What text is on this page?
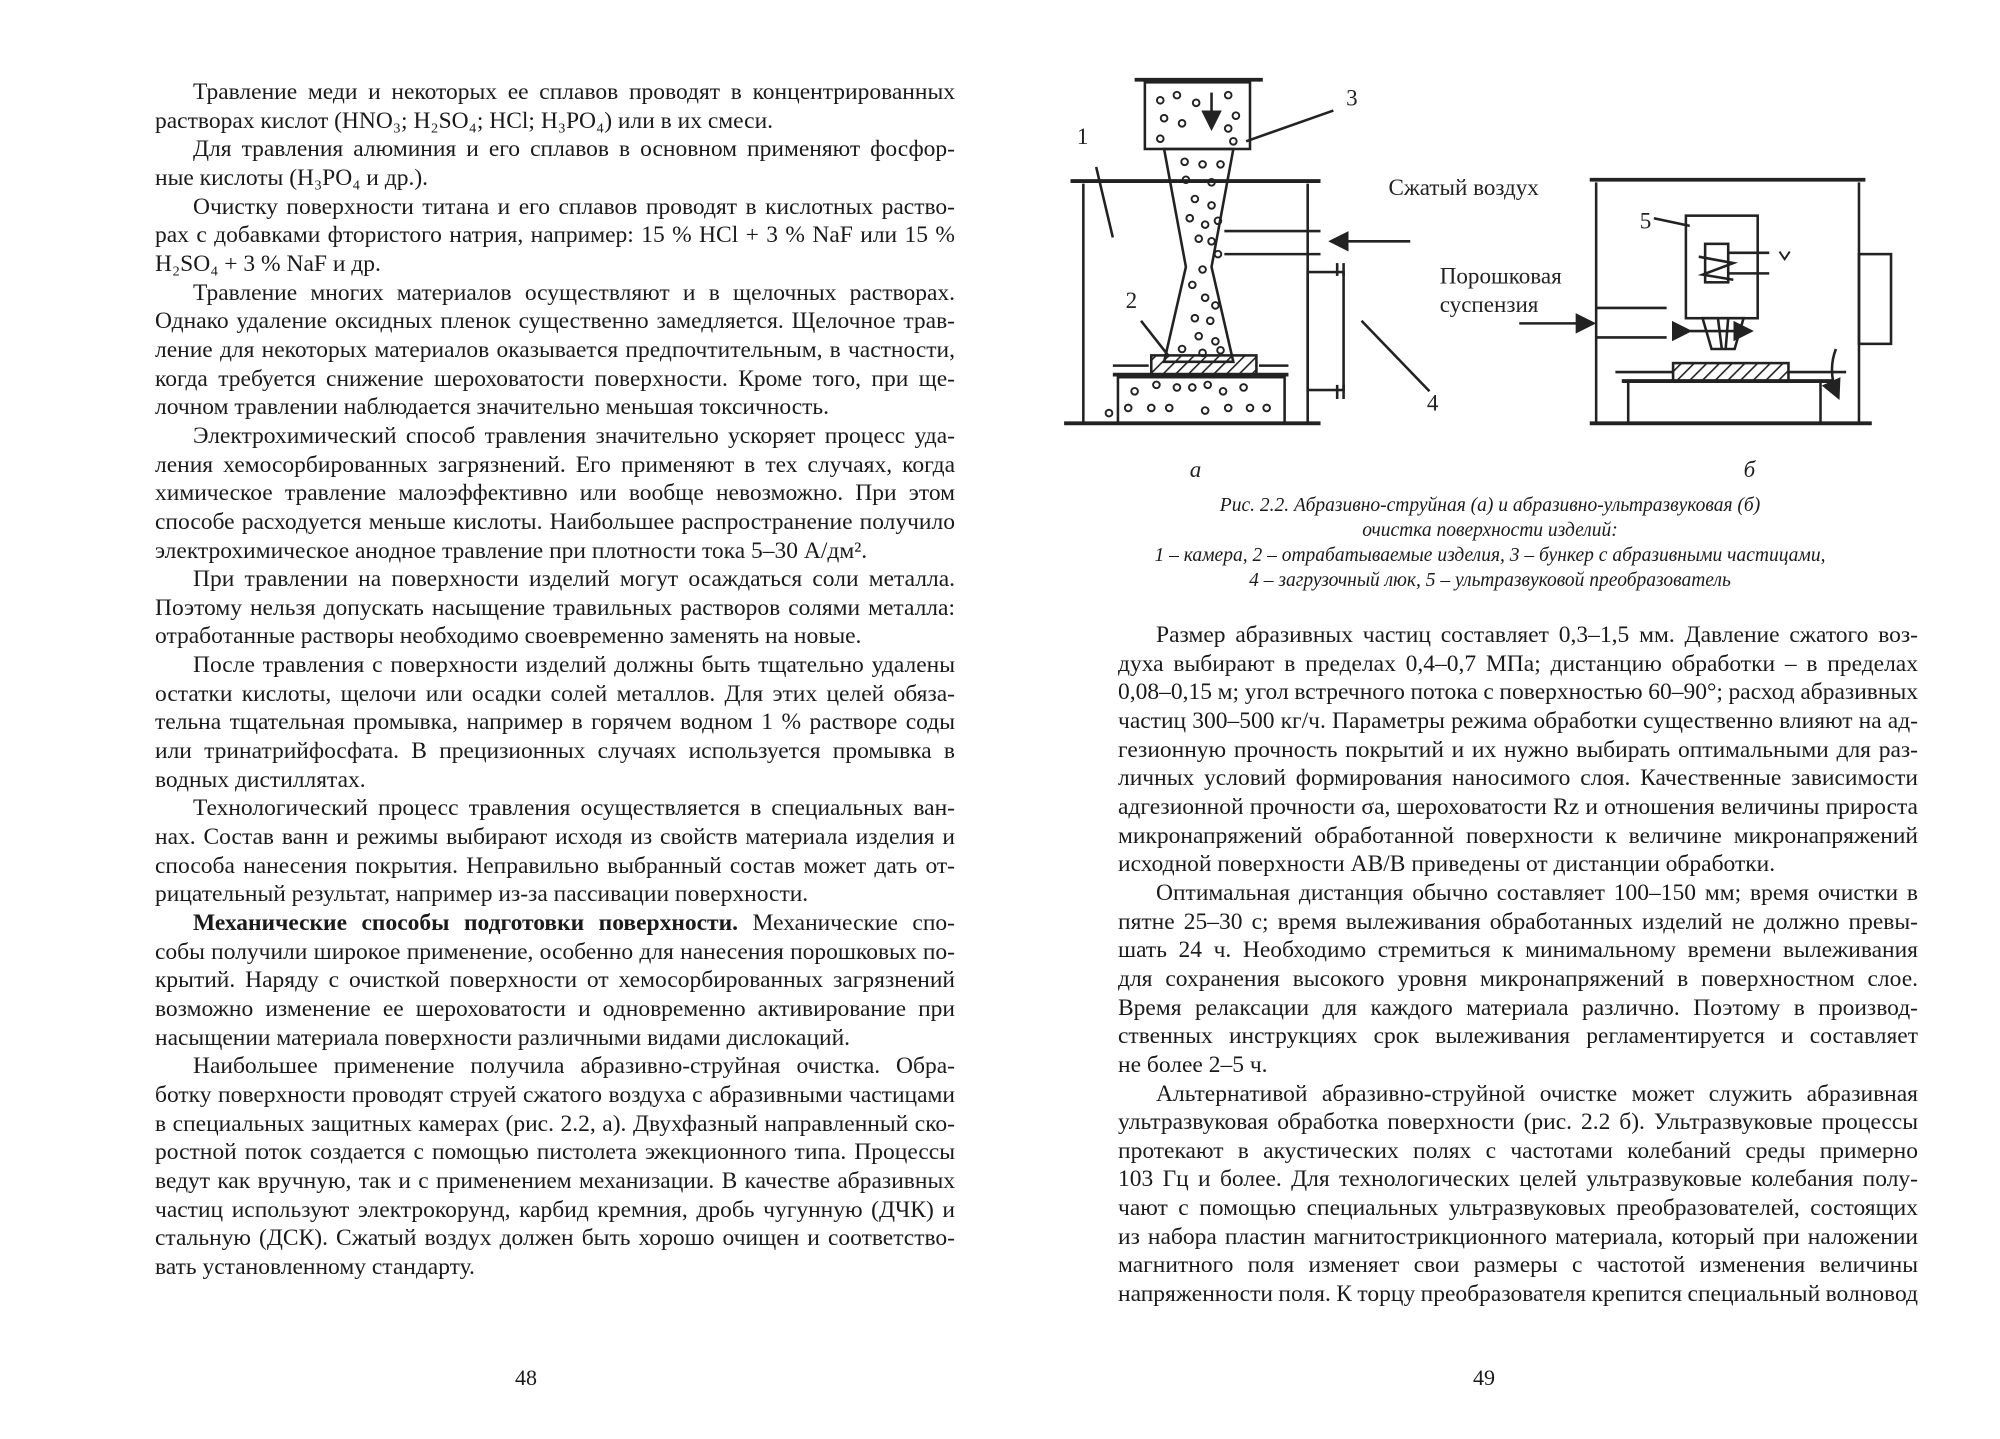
Травление меди и некоторых ее сплавов проводят в концентрированных
растворах кислот (HNO₃; H₂SO₄; HCl; H₃PO₄) или в их смеси.
Для травления алюминия и его сплавов в основном применяют фосфор-
ные кислоты (H₃PO₄ и др.).
Очистку поверхности титана и его сплавов проводят в кислотных раство-
рах с добавками фтористого натрия, например: 15 % HCl + 3 % NaF или 15 %
H₂SO₄ + 3 % NaF и др.
Травление многих материалов осуществляют и в щелочных растворах.
Однако удаление оксидных пленок существенно замедляется. Щелочное трав-
ление для некоторых материалов оказывается предпочтительным, в частности,
когда требуется снижение шероховатости поверхности. Кроме того, при ще-
лочном травлении наблюдается значительно меньшая токсичность.
Электрохимический способ травления значительно ускоряет процесс уда-
ления хемосорбированных загрязнений. Его применяют в тех случаях, когда
химическое травление малоэффективно или вообще невозможно. При этом
способе расходуется меньше кислоты. Наибольшее распространение получило
электрохимическое анодное травление при плотности тока 5–30 А/дм².
При травлении на поверхности изделий могут осаждаться соли металла.
Поэтому нельзя допускать насыщение травильных растворов солями металла:
отработанные растворы необходимо своевременно заменять на новые.
После травления с поверхности изделий должны быть тщательно удалены
остатки кислоты, щелочи или осадки солей металлов. Для этих целей обяза-
тельна тщательная промывка, например в горячем водном 1 % растворе соды
или тринатрийфосфата. В прецизионных случаях используется промывка в
водных дистиллятах.
Технологический процесс травления осуществляется в специальных ван-
нах. Состав ванн и режимы выбирают исходя из свойств материала изделия и
способа нанесения покрытия. Неправильно выбранный состав может дать от-
рицательный результат, например из-за пассивации поверхности.
Механические способы подготовки поверхности. Механические спо-
собы получили широкое применение, особенно для нанесения порошковых по-
крытий. Наряду с очисткой поверхности от хемосорбированных загрязнений
возможно изменение ее шероховатости и одновременно активирование при
насыщении материала поверхности различными видами дислокаций.
Наибольшее применение получила абразивно-струйная очистка. Обра-
ботку поверхности проводят струей сжатого воздуха с абразивными частицами
в специальных защитных камерах (рис. 2.2, а). Двухфазный направленный ско-
ростной поток создается с помощью пистолета эжекционного типа. Процессы
ведут как вручную, так и с применением механизации. В качестве абразивных
частиц используют электрокорунд, карбид кремния, дробь чугунную (ДЧК) и
стальную (ДСК). Сжатый воздух должен быть хорошо очищен и соответство-
вать установленному стандарту.
Размер абразивных частиц составляет 0,3–1,5 мм. Давление сжатого воз-
духа выбирают в пределах 0,4–0,7 МПа; дистанцию обработки – в пределах
0,08–0,15 м; угол встречного потока с поверхностью 60–90°; расход абразивных
частиц 300–500 кг/ч. Параметры режима обработки существенно влияют на ад-
гезионную прочность покрытий и их нужно выбирать оптимальными для раз-
личных условий формирования наносимого слоя. Качественные зависимости
адгезионной прочности σа, шероховатости Rz и отношения величины прироста
микронапряжений обработанной поверхности к величине микронапряжений
исходной поверхности AB/B приведены от дистанции обработки.
Оптимальная дистанция обычно составляет 100–150 мм; время очистки в
пятне 25–30 с; время вылеживания обработанных изделий не должно превы-
шать 24 ч. Необходимо стремиться к минимальному времени вылеживания
для сохранения высокого уровня микронапряжений в поверхностном слое.
Время релаксации для каждого материала различно. Поэтому в производ-
ственных инструкциях срок вылеживания регламентируется и составляет
не более 2–5 ч.
Альтернативой абразивно-струйной очистке может служить абразивная
ультразвуковая обработка поверхности (рис. 2.2 б). Ультразвуковые процессы
протекают в акустических полях с частотами колебаний среды примерно
103 Гц и более. Для технологических целей ультразвуковые колебания полу-
чают с помощью специальных ультразвуковых преобразователей, состоящих
из набора пластин магнитострикционного материала, который при наложении
магнитного поля изменяет свои размеры с частотой изменения величины
напряженности поля. К торцу преобразователя крепится специальный волновод
48	49
1
2
3
4
5
Сжатый воздух
Порошковая
суспензия
а	б
Рис. 2.2. Абразивно-струйная (а) и абразивно-ультразвуковая (б)
очистка поверхности изделий:
1 – камера, 2 – отрабатываемые изделия, 3 – бункер с абразивными частицами,
4 – загрузочный люк, 5 – ультразвуковой преобразователь
